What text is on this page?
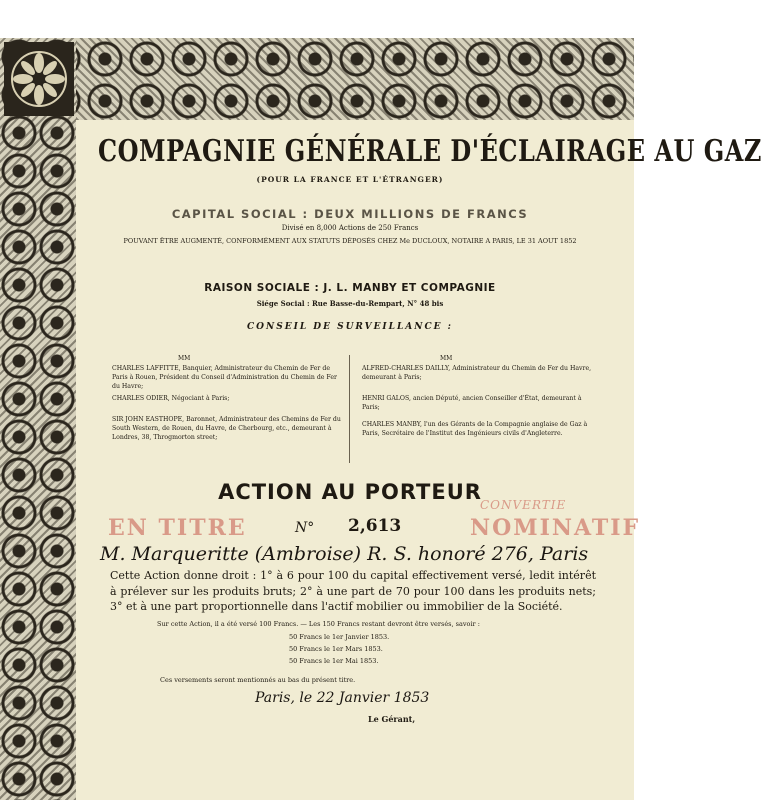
COMPAGNIE GÉNÉRALE D'ÉCLAIRAGE AU GAZ
(POUR LA FRANCE ET L'ÉTRANGER)
CAPITAL SOCIAL : DEUX MILLIONS DE FRANCS
Divisé en 8,000 Actions de 250 Francs
POUVANT ÊTRE AUGMENTÉ, CONFORMÉMENT AUX STATUTS DÉPOSÉS CHEZ Me DUCLOUX, NOTAIRE A PARIS, LE 31 AOUT 1852
RAISON SOCIALE : J. L. MANBY ET COMPAGNIE
Siége Social : Rue Basse-du-Rempart, N° 48 bis
CONSEIL DE SURVEILLANCE :
MM	MM
CHARLES LAFFITTE, Banquier, Administrateur du Chemin de Fer de Paris à Rouen, Président du Conseil d'Administration du Chemin de Fer du Havre;
CHARLES ODIER, Négociant à Paris;
SIR JOHN EASTHOPE, Baronnet, Administrateur des Chemins de Fer du South Western, de Rouen, du Havre, de Cherbourg, etc., demeurant à Londres, 38, Throgmorton street;
ALFRED-CHARLES DAILLY, Administrateur du Chemin de Fer du Havre, demeurant à Paris;
HENRI GALOS, ancien Député, ancien Conseiller d'État, demeurant à Paris;
CHARLES MANBY, l'un des Gérants de la Compagnie anglaise de Gaz à Paris, Secrétaire de l'Institut des Ingénieurs civils d'Angleterre.
ACTION AU PORTEUR
EN TITRE
CONVERTIE
NOMINATIF
N° 2,613
M. Marqueritte (Ambroise) R. S. honoré 276, Paris
Cette Action donne droit : 1° à 6 pour 100 du capital effectivement versé, ledit intérêt à prélever sur les produits bruts; 2° à une part de 70 pour 100 dans les produits nets; 3° et à une part proportionnelle dans l'actif mobilier ou immobilier de la Société.
Sur cette Action, il a été versé 100 Francs. — Les 150 Francs restant devront être versés, savoir :
50 Francs le 1er Janvier 1853.
50 Francs le 1er Mars 1853.
50 Francs le 1er Mai 1853.
Ces versements seront mentionnés au bas du présent titre.
Paris, le 22 Janvier 1853
Le Gérant,
